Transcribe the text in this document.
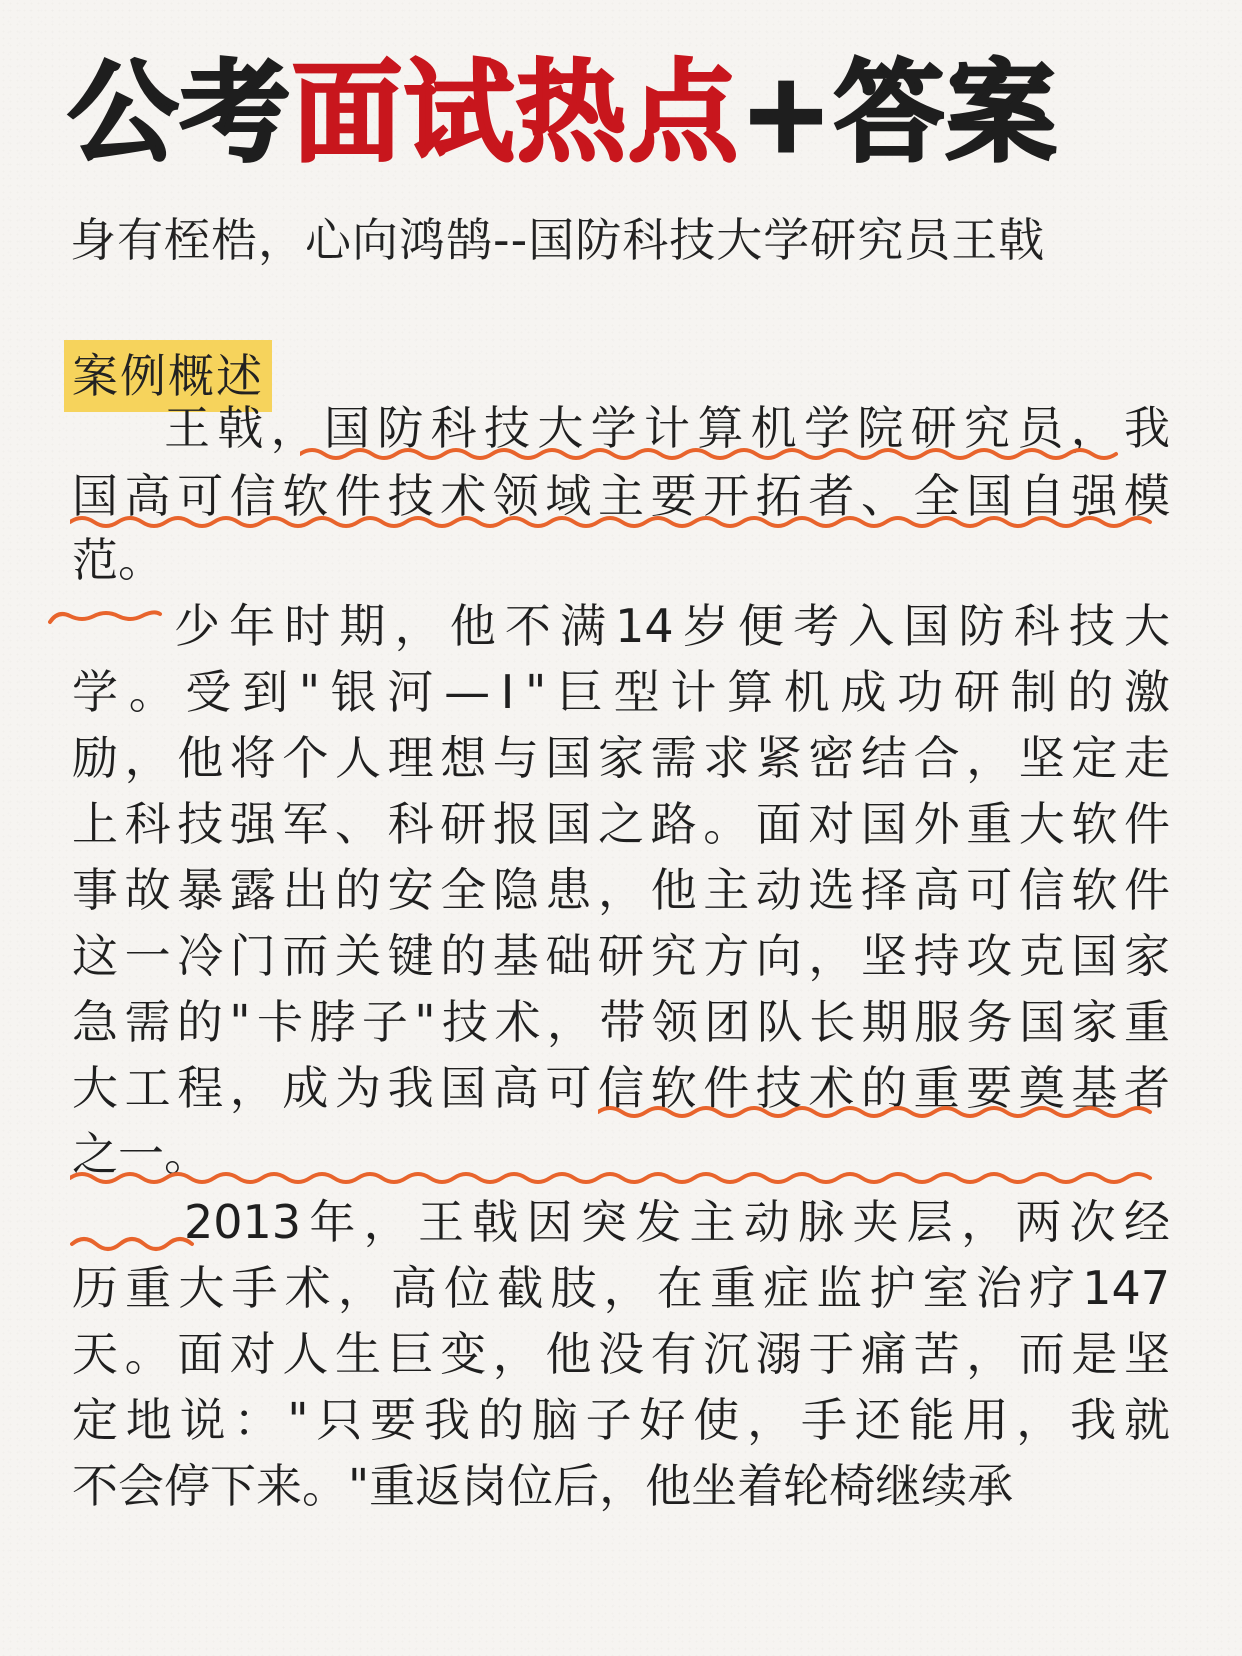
公考面试热点+答案
身有桎梏，心向鸿鹄--国防科技大学研究员王戟
案例概述
王戟，国防科技大学计算机学院研究员，我
国高可信软件技术领域主要开拓者、全国自强模
范。
少年时期，他不满14岁便考入国防科技大
学。受到"银河—Ⅰ"巨型计算机成功研制的激
励，他将个人理想与国家需求紧密结合，坚定走
上科技强军、科研报国之路。面对国外重大软件
事故暴露出的安全隐患，他主动选择高可信软件
这一冷门而关键的基础研究方向，坚持攻克国家
急需的"卡脖子"技术，带领团队长期服务国家重
大工程，成为我国高可信软件技术的重要奠基者
之一。
2013年，王戟因突发主动脉夹层，两次经
历重大手术，高位截肢，在重症监护室治疗147
天。面对人生巨变，他没有沉溺于痛苦，而是坚
定地说："只要我的脑子好使，手还能用，我就
不会停下来。"重返岗位后，他坐着轮椅继续承
